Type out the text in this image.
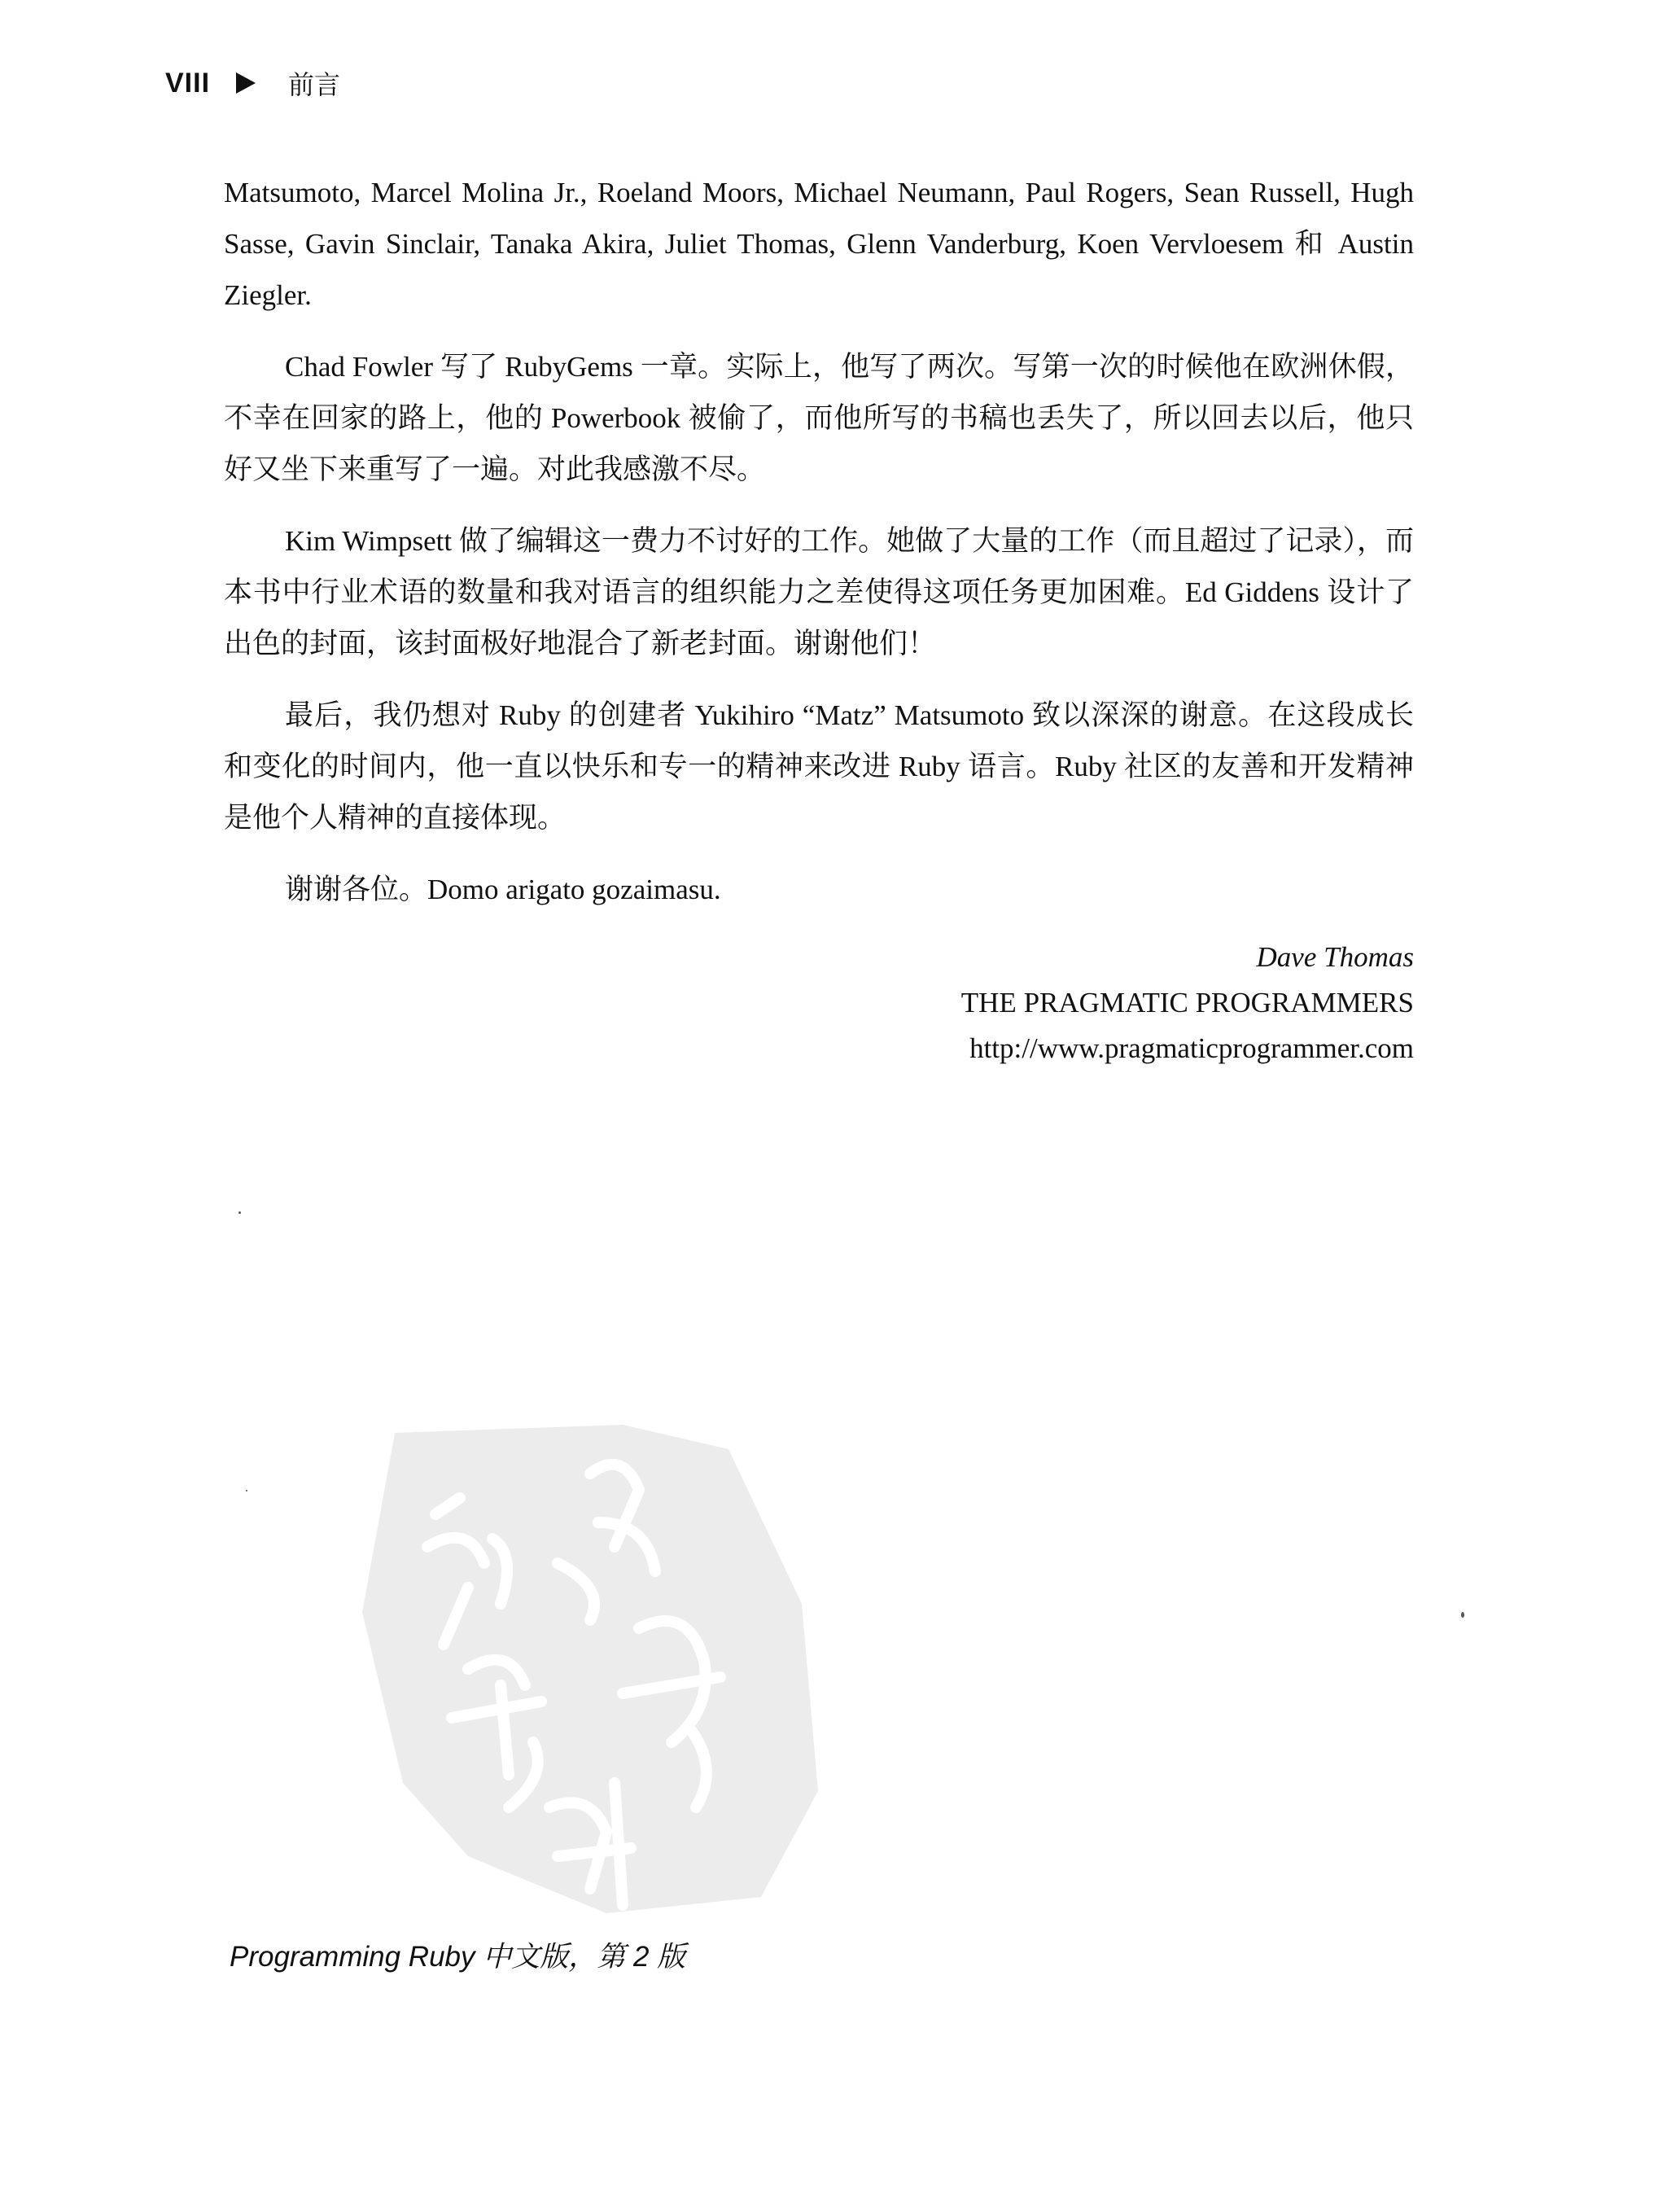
VIII	前言

Matsumoto, Marcel Molina Jr., Roeland Moors, Michael Neumann, Paul Rogers, Sean Russell, Hugh Sasse, Gavin Sinclair, Tanaka Akira, Juliet Thomas, Glenn Vanderburg, Koen Vervloesem 和 Austin Ziegler.

Chad Fowler 写了 RubyGems 一章。实际上，他写了两次。写第一次的时候他在欧洲休假，不幸在回家的路上，他的 Powerbook 被偷了，而他所写的书稿也丢失了，所以回去以后，他只好又坐下来重写了一遍。对此我感激不尽。

Kim Wimpsett 做了编辑这一费力不讨好的工作。她做了大量的工作（而且超过了记录），而本书中行业术语的数量和我对语言的组织能力之差使得这项任务更加困难。Ed Giddens 设计了出色的封面，该封面极好地混合了新老封面。谢谢他们！

最后，我仍想对 Ruby 的创建者 Yukihiro “Matz” Matsumoto 致以深深的谢意。在这段成长和变化的时间内，他一直以快乐和专一的精神来改进 Ruby 语言。Ruby 社区的友善和开发精神是他个人精神的直接体现。

谢谢各位。Domo arigato gozaimasu.

Dave Thomas
THE PRAGMATIC PROGRAMMERS
http://www.pragmaticprogrammer.com
Programming Ruby 中文版，第 2 版
